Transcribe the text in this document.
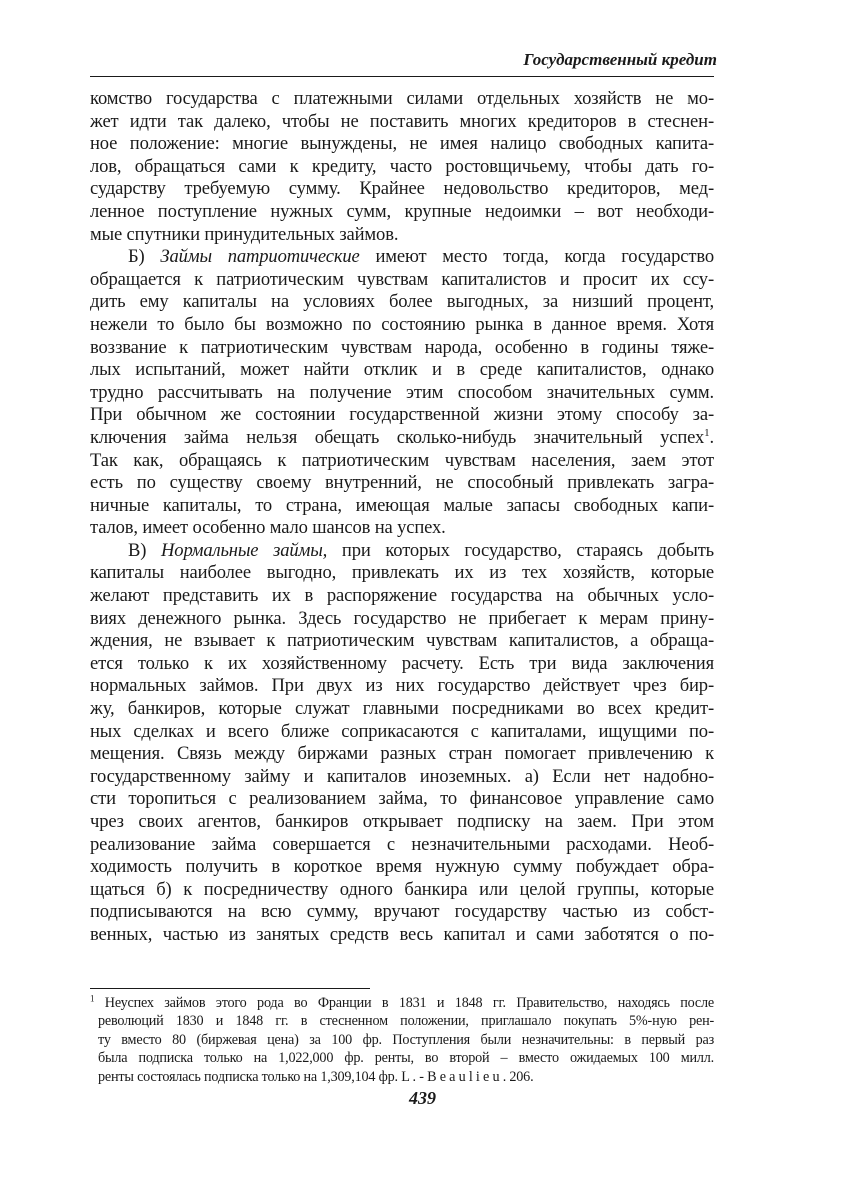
Государственный кредит
комство государства с платежными силами отдельных хозяйств не мо-
жет идти так далеко, чтобы не поставить многих кредиторов в стеснен-
ное положение: многие вынуждены, не имея налицо свободных капита-
лов, обращаться сами к кредиту, часто ростовщичьему, чтобы дать го-
сударству требуемую сумму. Крайнее недовольство кредиторов, мед-
ленное поступление нужных сумм, крупные недоимки – вот необходи-
мые спутники принудительных займов.
Б) Займы патриотические имеют место тогда, когда государство
обращается к патриотическим чувствам капиталистов и просит их ссу-
дить ему капиталы на условиях более выгодных, за низший процент,
нежели то было бы возможно по состоянию рынка в данное время. Хотя
воззвание к патриотическим чувствам народа, особенно в годины тяже-
лых испытаний, может найти отклик и в среде капиталистов, однако
трудно рассчитывать на получение этим способом значительных сумм.
При обычном же состоянии государственной жизни этому способу за-
ключения займа нельзя обещать сколько-нибудь значительный успех$^1$.
Так как, обращаясь к патриотическим чувствам населения, заем этот
есть по существу своему внутренний, не способный привлекать загра-
ничные капиталы, то страна, имеющая малые запасы свободных капи-
талов, имеет особенно мало шансов на успех.
В) Нормальные займы, при которых государство, стараясь добыть
капиталы наиболее выгодно, привлекать их из тех хозяйств, которые
желают представить их в распоряжение государства на обычных усло-
виях денежного рынка. Здесь государство не прибегает к мерам прину-
ждения, не взывает к патриотическим чувствам капиталистов, а обраща-
ется только к их хозяйственному расчету. Есть три вида заключения
нормальных займов. При двух из них государство действует чрез бир-
жу, банкиров, которые служат главными посредниками во всех кредит-
ных сделках и всего ближе соприкасаются с капиталами, ищущими по-
мещения. Связь между биржами разных стран помогает привлечению к
государственному займу и капиталов иноземных. а) Если нет надобно-
сти торопиться с реализованием займа, то финансовое управление само
чрез своих агентов, банкиров открывает подписку на заем. При этом
реализование займа совершается с незначительными расходами. Необ-
ходимость получить в короткое время нужную сумму побуждает обра-
щаться б) к посредничеству одного банкира или целой группы, которые
подписываются на всю сумму, вручают государству частью из собст-
венных, частью из занятых средств весь капитал и сами заботятся о по-
$^1$ Неуспех займов этого рода во Франции в 1831 и 1848 гг. Правительство, находясь после
революций 1830 и 1848 гг. в стесненном положении, приглашало покупать 5%-ную рен-
ту вместо 80 (биржевая цена) за 100 фр. Поступления были незначительны: в первый раз
была подписка только на 1,022,000 фр. ренты, во второй – вместо ожидаемых 100 милл.
ренты состоялась подписка только на 1,309,104 фр. L . - B e a u l i e u . 206.
439
